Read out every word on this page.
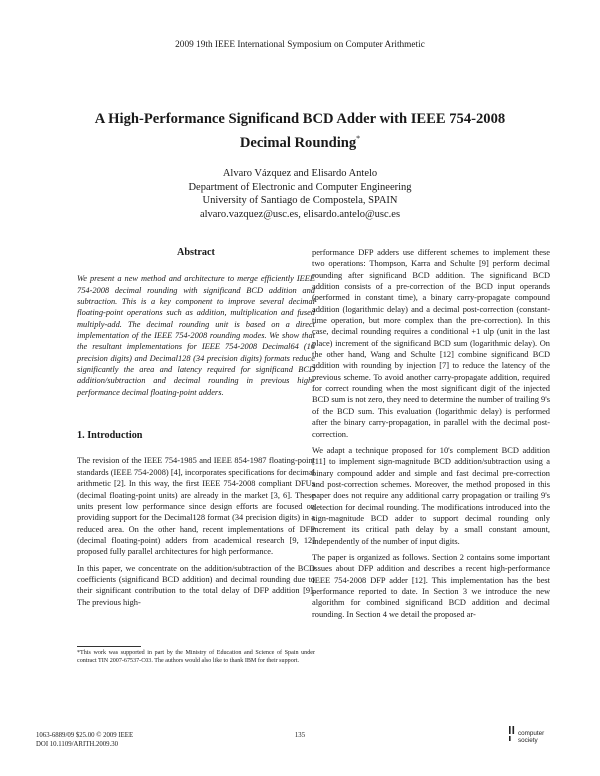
2009 19th IEEE International Symposium on Computer Arithmetic
A High-Performance Significand BCD Adder with IEEE 754-2008 Decimal Rounding*
Alvaro Vázquez and Elisardo Antelo
Department of Electronic and Computer Engineering
University of Santiago de Compostela, SPAIN
alvaro.vazquez@usc.es, elisardo.antelo@usc.es
Abstract

We present a new method and architecture to merge efficiently IEEE 754-2008 decimal rounding with significand BCD addition and subtraction. This is a key component to improve several decimal floating-point operations such as addition, multiplication and fused multiply-add. The decimal rounding unit is based on a direct implementation of the IEEE 754-2008 rounding modes. We show that the resultant implementations for IEEE 754-2008 Decimal64 (16 precision digits) and Decimal128 (34 precision digits) formats reduce significantly the area and latency required for significand BCD addition/subtraction and decimal rounding in previous high-performance decimal floating-point adders.

1. Introduction

The revision of the IEEE 754-1985 and IEEE 854-1987 floating-point standards (IEEE 754-2008) [4], incorporates specifications for decimal arithmetic [2]. In this way, the first IEEE 754-2008 compliant DFUs (decimal floating-point units) are already in the market [3, 6]. These units present low performance since design efforts are focused on providing support for the Decimal128 format (34 precision digits) in a reduced area. On the other hand, recent implementations of DFP (decimal floating-point) adders from academical research [9, 12] proposed fully parallel architectures for high performance.

In this paper, we concentrate on the addition/subtraction of the BCD coefficients (significand BCD addition) and decimal rounding due to their significant contribution to the total delay of DFP addition [9]. The previous high-

performance DFP adders use different schemes to implement these two operations: Thompson, Karra and Schulte [9] perform decimal rounding after significand BCD addition. The significand BCD addition consists of a pre-correction of the BCD input operands (performed in constant time), a binary carry-propagate compound addition (logarithmic delay) and a decimal post-correction (constant-time operation, but more complex than the pre-correction). In this case, decimal rounding requires a conditional +1 ulp (unit in the last place) increment of the significand BCD sum (logarithmic delay). On the other hand, Wang and Schulte [12] combine significand BCD addition with rounding by injection [7] to reduce the latency of the previous scheme. To avoid another carry-propagate addition, required for correct rounding when the most significant digit of the injected BCD sum is not zero, they need to determine the number of trailing 9's of the BCD sum. This evaluation (logarithmic delay) is performed after the binary carry-propagation, in parallel with the decimal post-correction.

We adapt a technique proposed for 10's complement BCD addition [11] to implement sign-magnitude BCD addition/subtraction using a binary compound adder and simple and fast decimal pre-correction and post-correction schemes. Moreover, the method proposed in this paper does not require any additional carry propagation or trailing 9's detection for decimal rounding. The modifications introduced into the sign-magnitude BCD adder to support decimal rounding only increment its critical path delay by a small constant amount, independently of the number of input digits.

The paper is organized as follows. Section 2 contains some important issues about DFP addition and describes a recent high-performance IEEE 754-2008 DFP adder [12]. This implementation has the best performance reported to date. In Section 3 we introduce the new algorithm for combined significand BCD addition and decimal rounding. In Section 4 we detail the proposed ar-

*This work was supported in part by the Ministry of Education and Science of Spain under contract TIN 2007-67537-C03. The authors would also like to thank IBM for their support.
1063-6889/09 $25.00 © 2009 IEEE
DOI 10.1109/ARITH.2009.30
135	computer
society
